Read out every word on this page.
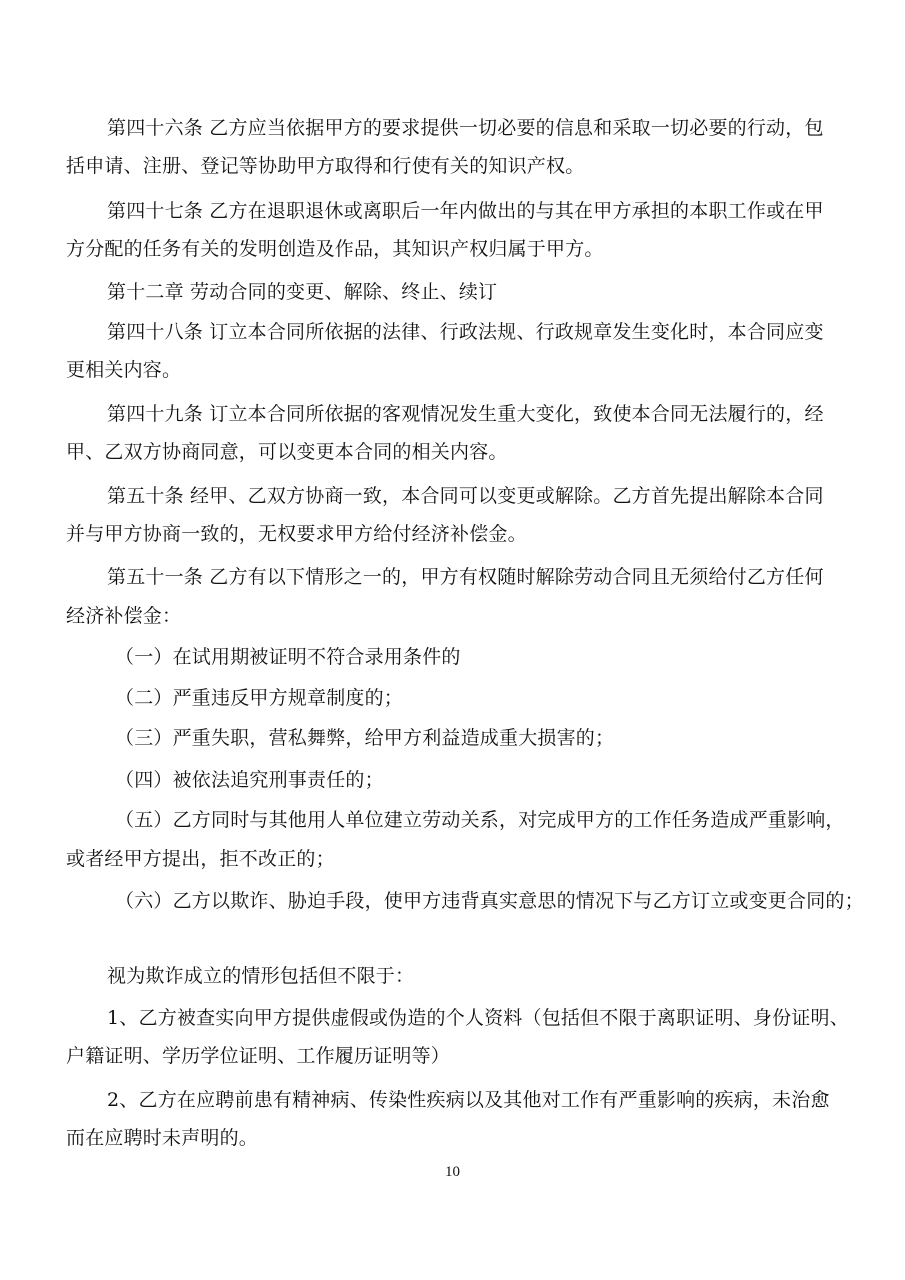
第四十六条 乙方应当依据甲方的要求提供一切必要的信息和采取一切必要的行动，包
括申请、注册、登记等协助甲方取得和行使有关的知识产权。
第四十七条 乙方在退职退休或离职后一年内做出的与其在甲方承担的本职工作或在甲
方分配的任务有关的发明创造及作品，其知识产权归属于甲方。
第十二章 劳动合同的变更、解除、终止、续订
第四十八条 订立本合同所依据的法律、行政法规、行政规章发生变化时，本合同应变
更相关内容。
第四十九条 订立本合同所依据的客观情况发生重大变化，致使本合同无法履行的，经
甲、乙双方协商同意，可以变更本合同的相关内容。
第五十条 经甲、乙双方协商一致，本合同可以变更或解除。乙方首先提出解除本合同
并与甲方协商一致的，无权要求甲方给付经济补偿金。
第五十一条 乙方有以下情形之一的，甲方有权随时解除劳动合同且无须给付乙方任何
经济补偿金：
（一）在试用期被证明不符合录用条件的
（二）严重违反甲方规章制度的；
（三）严重失职，营私舞弊，给甲方利益造成重大损害的；
（四）被依法追究刑事责任的；
（五）乙方同时与其他用人单位建立劳动关系，对完成甲方的工作任务造成严重影响，
或者经甲方提出，拒不改正的；
（六）乙方以欺诈、胁迫手段，使甲方违背真实意思的情况下与乙方订立或变更合同的；
视为欺诈成立的情形包括但不限于：
1、乙方被查实向甲方提供虚假或伪造的个人资料（包括但不限于离职证明、身份证明、
户籍证明、学历学位证明、工作履历证明等）
2、乙方在应聘前患有精神病、传染性疾病以及其他对工作有严重影响的疾病，未治愈
而在应聘时未声明的。
10
